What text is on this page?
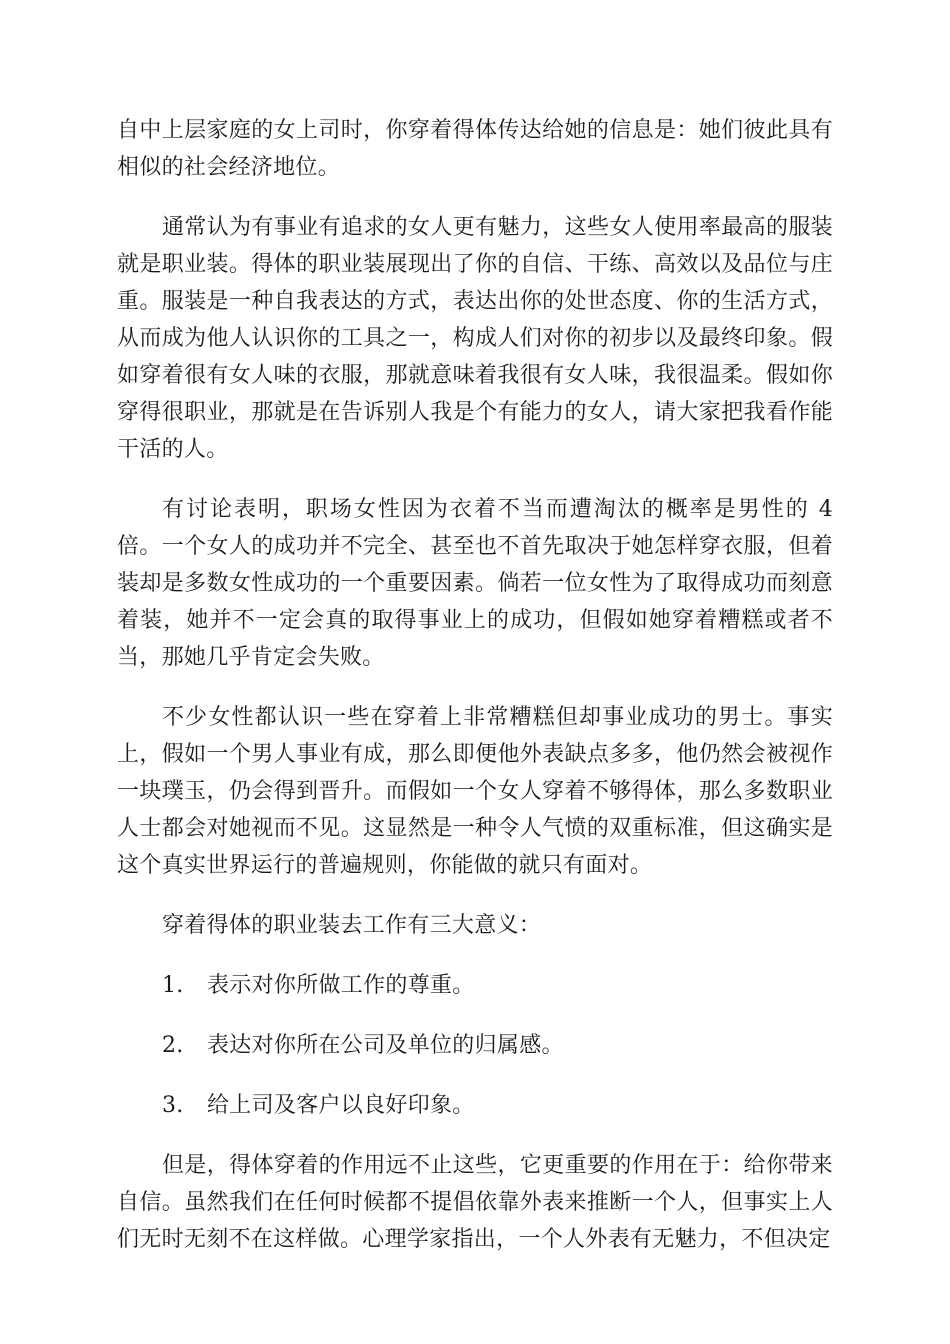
自中上层家庭的女上司时，你穿着得体传达给她的信息是：她们彼此具有相似的社会经济地位。

通常认为有事业有追求的女人更有魅力，这些女人使用率最高的服装就是职业装。得体的职业装展现出了你的自信、干练、高效以及品位与庄重。服装是一种自我表达的方式，表达出你的处世态度、你的生活方式，从而成为他人认识你的工具之一，构成人们对你的初步以及最终印象。假如穿着很有女人味的衣服，那就意味着我很有女人味，我很温柔。假如你穿得很职业，那就是在告诉别人我是个有能力的女人，请大家把我看作能干活的人。

有讨论表明，职场女性因为衣着不当而遭淘汰的概率是男性的 4 倍。一个女人的成功并不完全、甚至也不首先取决于她怎样穿衣服，但着装却是多数女性成功的一个重要因素。倘若一位女性为了取得成功而刻意着装，她并不一定会真的取得事业上的成功，但假如她穿着糟糕或者不当，那她几乎肯定会失败。

不少女性都认识一些在穿着上非常糟糕但却事业成功的男士。事实上，假如一个男人事业有成，那么即便他外表缺点多多，他仍然会被视作一块璞玉，仍会得到晋升。而假如一个女人穿着不够得体，那么多数职业人士都会对她视而不见。这显然是一种令人气愤的双重标准，但这确实是这个真实世界运行的普遍规则，你能做的就只有面对。

穿着得体的职业装去工作有三大意义：

1.	表示对你所做工作的尊重。
2.	表达对你所在公司及单位的归属感。
3.	给上司及客户以良好印象。

但是，得体穿着的作用远不止这些，它更重要的作用在于：给你带来自信。虽然我们在任何时候都不提倡依靠外表来推断一个人，但事实上人们无时无刻不在这样做。心理学家指出，一个人外表有无魅力，不但决定
